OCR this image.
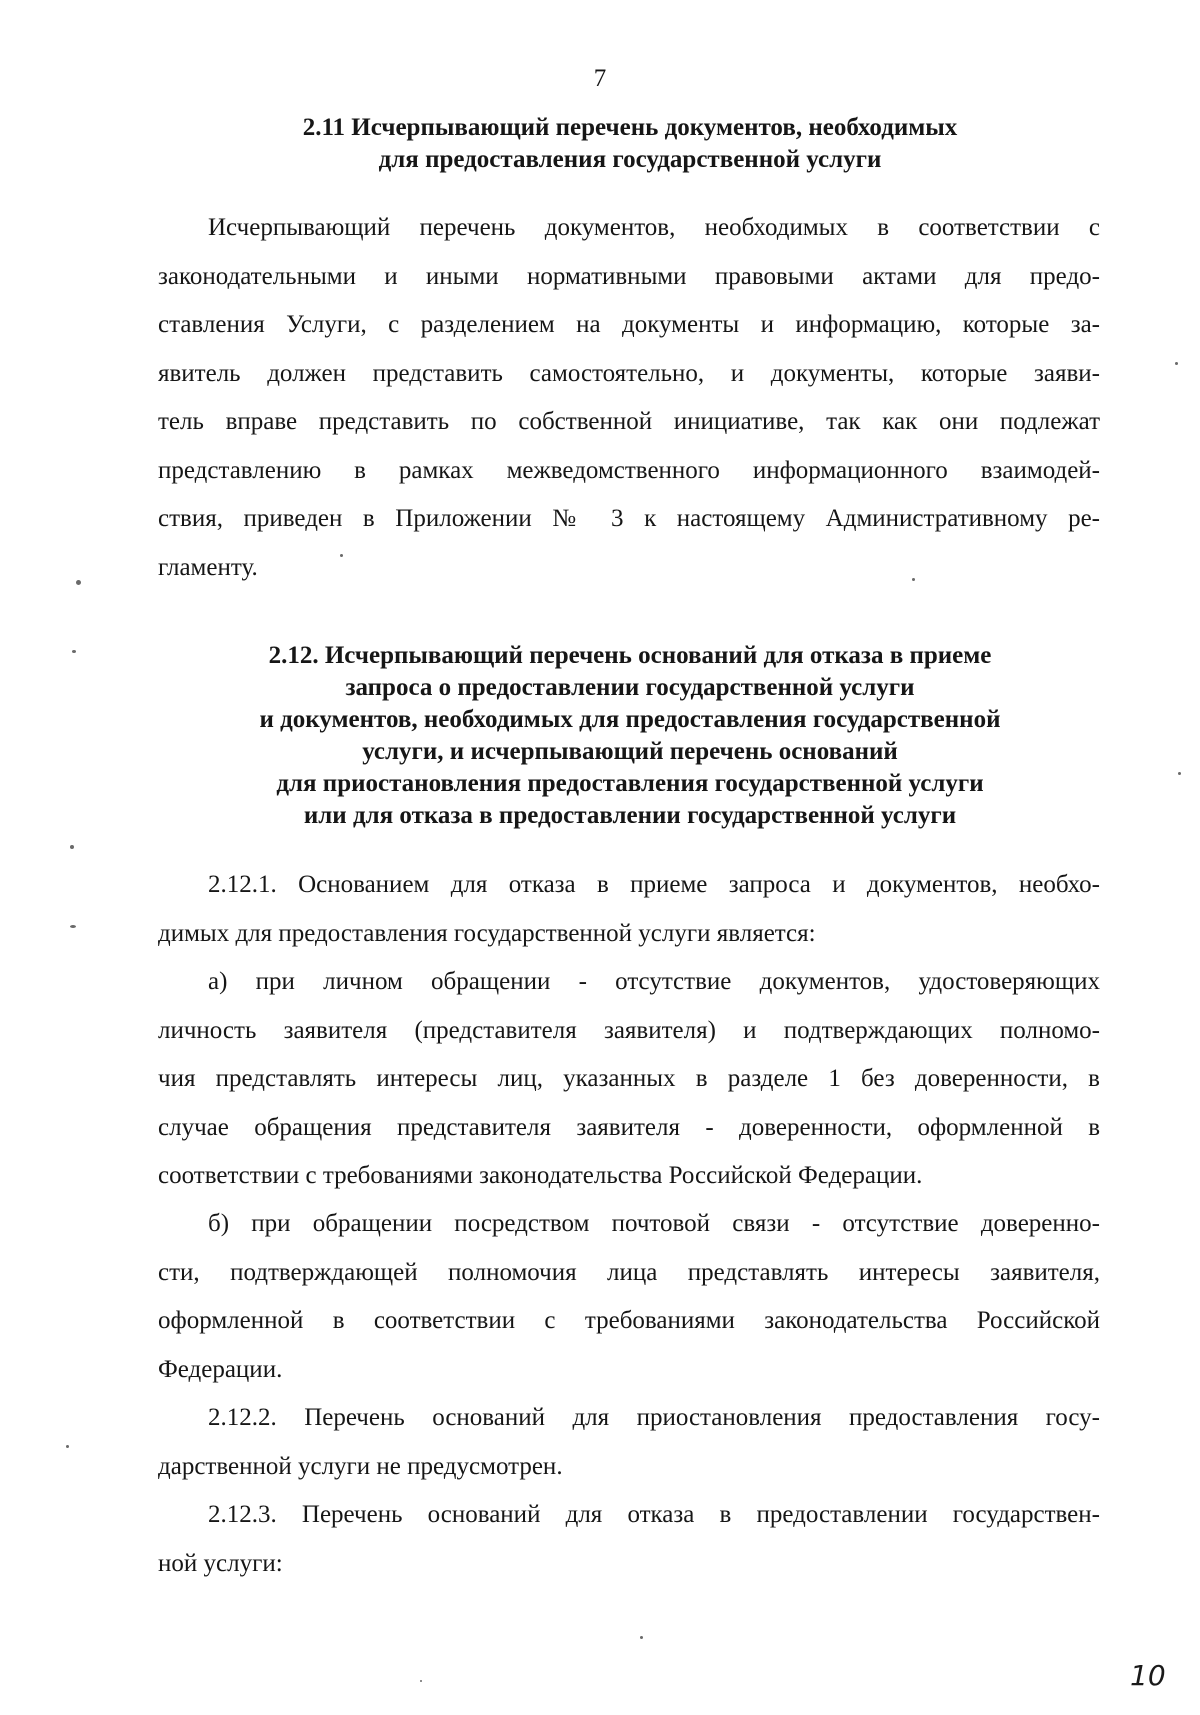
7
2.11 Исчерпывающий перечень документов, необходимых
для предоставления государственной услуги

Исчерпывающий перечень документов, необходимых в соответствии с
законодательными и иными нормативными правовыми актами для предо-
ставления Услуги, с разделением на документы и информацию, которые за-
явитель должен представить самостоятельно, и документы, которые заяви-
тель вправе представить по собственной инициативе, так как они подлежат
представлению в рамках межведомственного информационного взаимодей-
ствия, приведен в Приложении № 3 к настоящему Административному ре-
гламенту.

2.12. Исчерпывающий перечень оснований для отказа в приеме
запроса о предоставлении государственной услуги
и документов, необходимых для предоставления государственной
услуги, и исчерпывающий перечень оснований
для приостановления предоставления государственной услуги
или для отказа в предоставлении государственной услуги

2.12.1. Основанием для отказа в приеме запроса и документов, необхо-
димых для предоставления государственной услуги является:

а) при личном обращении - отсутствие документов, удостоверяющих
личность заявителя (представителя заявителя) и подтверждающих полномо-
чия представлять интересы лиц, указанных в разделе 1 без доверенности, в
случае обращения представителя заявителя - доверенности, оформленной в
соответствии с требованиями законодательства Российской Федерации.

б) при обращении посредством почтовой связи - отсутствие доверенно-
сти, подтверждающей полномочия лица представлять интересы заявителя,
оформленной в соответствии с требованиями законодательства Российской
Федерации.

2.12.2. Перечень оснований для приостановления предоставления госу-
дарственной услуги не предусмотрен.

2.12.3. Перечень оснований для отказа в предоставлении государствен-
ной услуги:

10
